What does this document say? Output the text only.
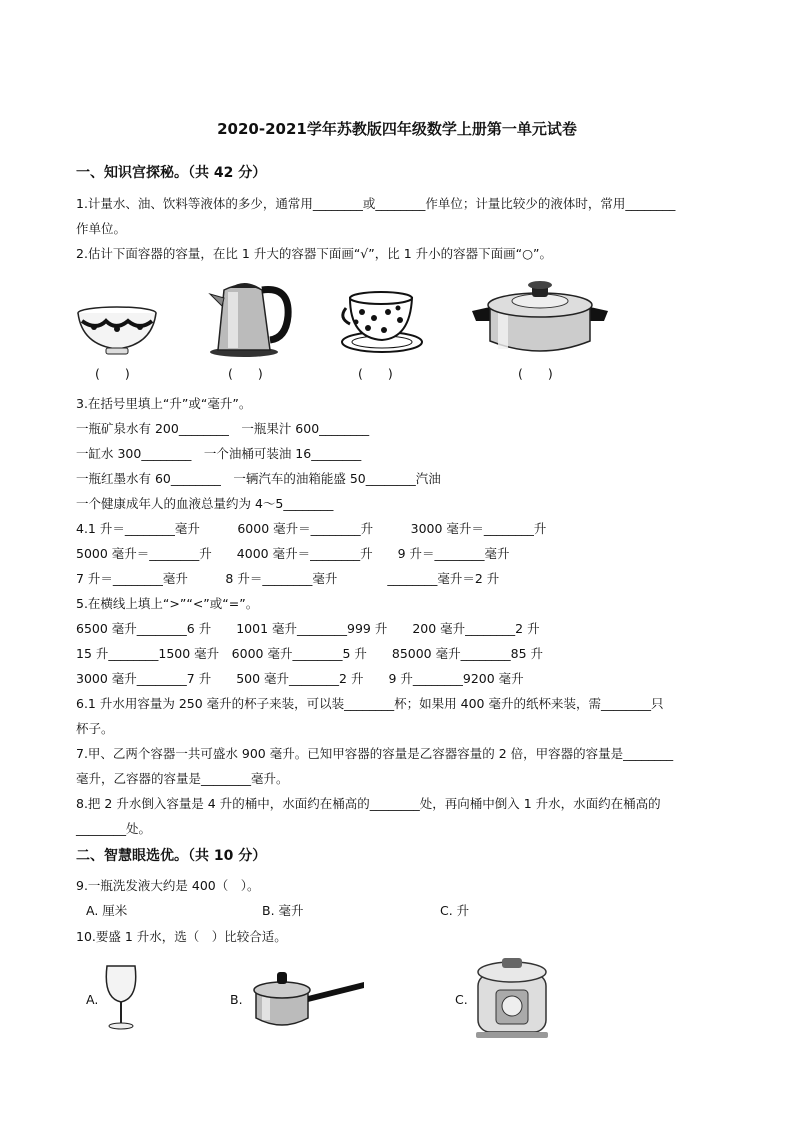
2020-2021学年苏教版四年级数学上册第一单元试卷
一、知识宫探秘。（共 42 分）
1.计量水、油、饮料等液体的多少，通常用________或________作单位；计量比较少的液体时，常用________
作单位。
2.估计下面容器的容量，在比 1 升大的容器下面画“√”，比 1 升小的容器下面画“○”。
(　　)	(　　)	(　　)	(　　)
3.在括号里填上“升”或“毫升”。
一瓶矿泉水有 200________　一瓶果汁 600________
一缸水 300________　一个油桶可装油 16________
一瓶红墨水有 60________　一辆汽车的油箱能盛 50________汽油
一个健康成年人的血液总量约为 4～5________
4.1 升＝________毫升　　　6000 毫升＝________升　　　3000 毫升＝________升
5000 毫升＝________升　　4000 毫升＝________升　　9 升＝________毫升
7 升＝________毫升　　　8 升＝________毫升　　　　________毫升＝2 升
5.在横线上填上“>”“<”或“=”。
6500 毫升________6 升　　1001 毫升________999 升　　200 毫升________2 升
15 升________1500 毫升　6000 毫升________5 升　　85000 毫升________85 升
3000 毫升________7 升　　500 毫升________2 升　　9 升________9200 毫升
6.1 升水用容量为 250 毫升的杯子来装，可以装________杯；如果用 400 毫升的纸杯来装，需________只
杯子。
7.甲、乙两个容器一共可盛水 900 毫升。已知甲容器的容量是乙容器容量的 2 倍，甲容器的容量是________
毫升，乙容器的容量是________毫升。
8.把 2 升水倒入容量是 4 升的桶中，水面约在桶高的________处，再向桶中倒入 1 升水，水面约在桶高的
________处。
二、智慧眼选优。（共 10 分）
9.一瓶洗发液大约是 400（　）。
A. 厘米	B. 毫升	C. 升
10.要盛 1 升水，选（　）比较合适。
A.	B.	C.
